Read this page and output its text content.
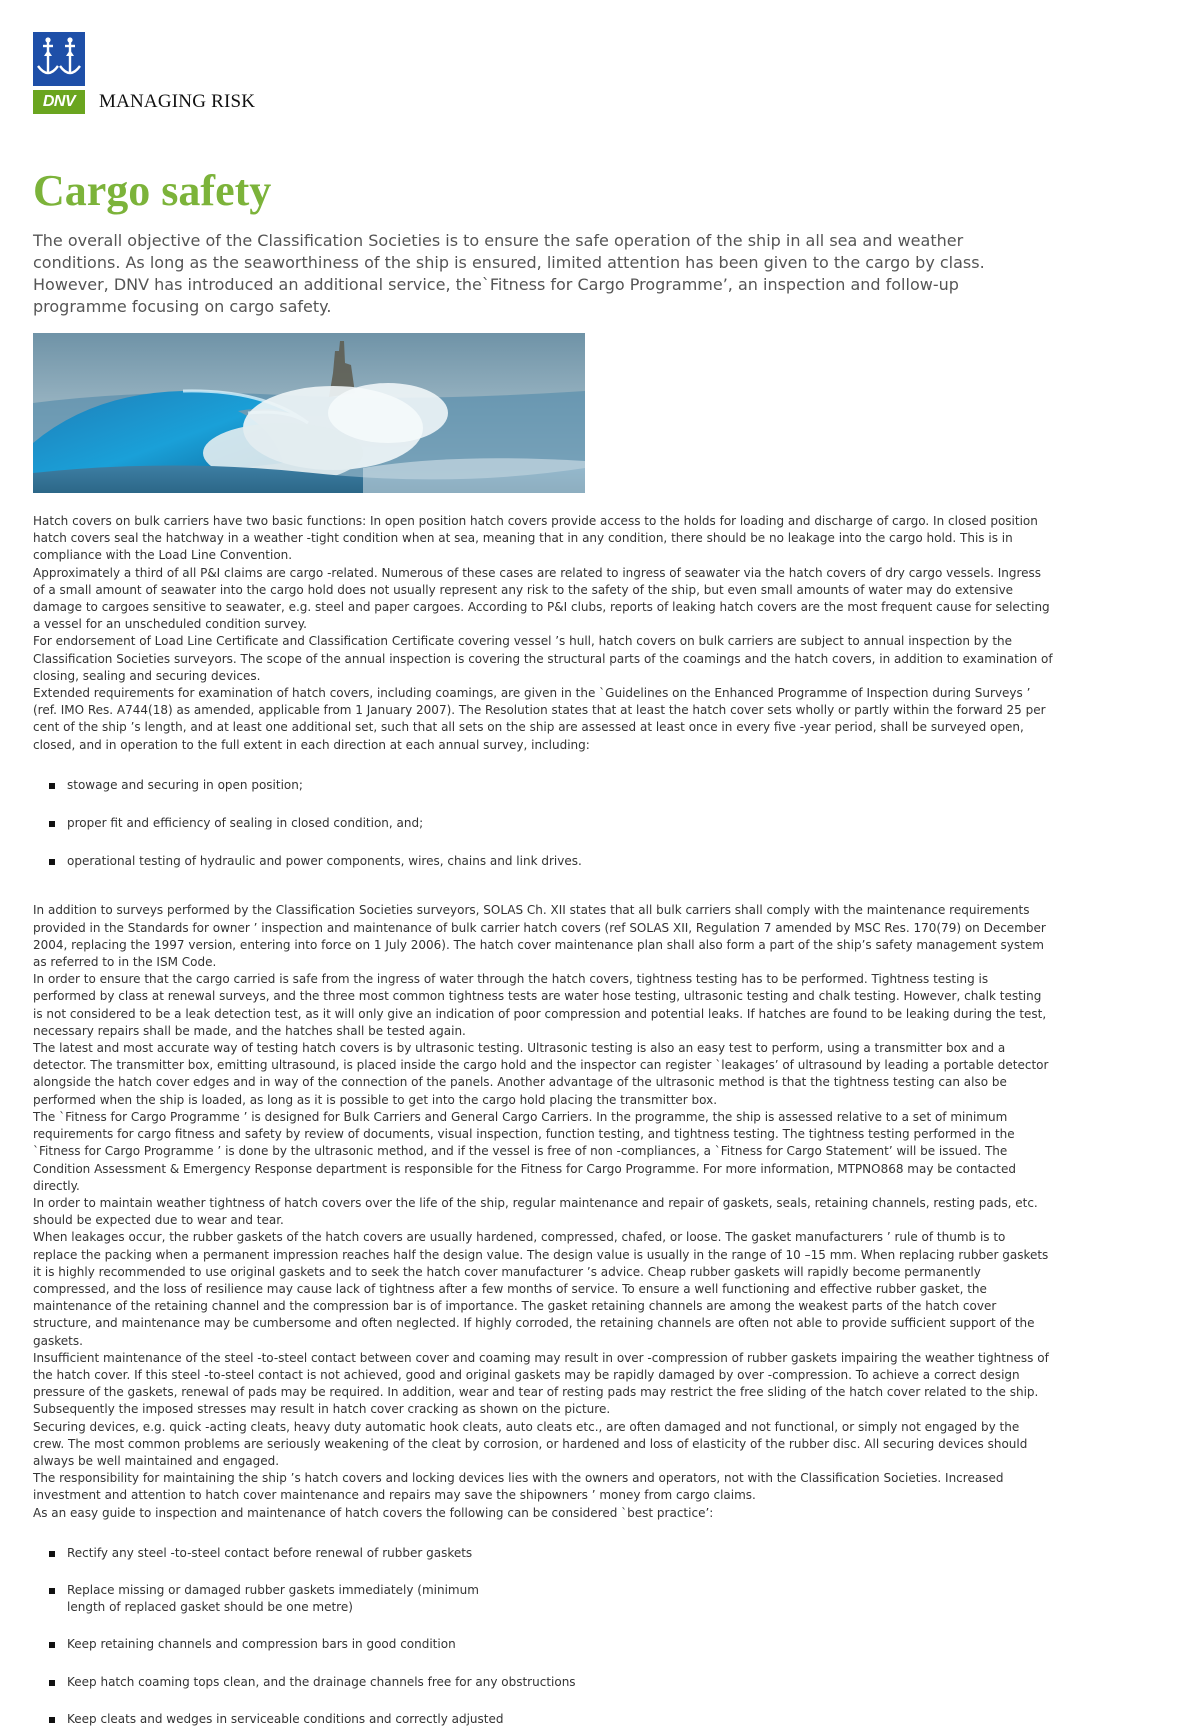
DNV	MANAGING RISK
Cargo safety
The overall objective of the Classification Societies is to ensure the safe operation of the ship in all sea and weather conditions. As long as the seaworthiness of the ship is ensured, limited attention has been given to the cargo by class. However, DNV has introduced an additional service, the`Fitness for Cargo Programme’, an inspection and follow-up programme focusing on cargo safety.

Hatch covers on bulk carriers have two basic functions: In open position hatch covers provide access to the holds for loading and discharge of cargo. In closed position hatch covers seal the hatchway in a weather -tight condition when at sea, meaning that in any condition, there should be no leakage into the cargo hold. This is in compliance with the Load Line Convention.

Approximately a third of all P&I claims are cargo -related. Numerous of these cases are related to ingress of seawater via the hatch covers of dry cargo vessels. Ingress of a small amount of seawater into the cargo hold does not usually represent any risk to the safety of the ship, but even small amounts of water may do extensive damage to cargoes sensitive to seawater, e.g. steel and paper cargoes. According to P&I clubs, reports of leaking hatch covers are the most frequent cause for selecting a vessel for an unscheduled condition survey.

For endorsement of Load Line Certificate and Classification Certificate covering vessel ’s hull, hatch covers on bulk carriers are subject to annual inspection by the Classification Societies surveyors. The scope of the annual inspection is covering the structural parts of the coamings and the hatch covers, in addition to examination of closing, sealing and securing devices.

Extended requirements for examination of hatch covers, including coamings, are given in the `Guidelines on the Enhanced Programme of Inspection during Surveys ’ (ref. IMO Res. A744(18) as amended, applicable from 1 January 2007). The Resolution states that at least the hatch cover sets wholly or partly within the forward 25 per cent of the ship ’s length, and at least one additional set, such that all sets on the ship are assessed at least once in every five -year period, shall be surveyed open, closed, and in operation to the full extent in each direction at each annual survey, including:

stowage and securing in open position;
proper fit and efficiency of sealing in closed condition, and;
operational testing of hydraulic and power components, wires, chains and link drives.

In addition to surveys performed by the Classification Societies surveyors, SOLAS Ch. XII states that all bulk carriers shall comply with the maintenance requirements provided in the Standards for owner ’ inspection and maintenance of bulk carrier hatch covers (ref SOLAS XII, Regulation 7 amended by MSC Res. 170(79) on December 2004, replacing the 1997 version, entering into force on 1 July 2006). The hatch cover maintenance plan shall also form a part of the ship’s safety management system as referred to in the ISM Code.

In order to ensure that the cargo carried is safe from the ingress of water through the hatch covers, tightness testing has to be performed. Tightness testing is performed by class at renewal surveys, and the three most common tightness tests are water hose testing, ultrasonic testing and chalk testing. However, chalk testing is not considered to be a leak detection test, as it will only give an indication of poor compression and potential leaks. If hatches are found to be leaking during the test, necessary repairs shall be made, and the hatches shall be tested again.

The latest and most accurate way of testing hatch covers is by ultrasonic testing. Ultrasonic testing is also an easy test to perform, using a transmitter box and a detector. The transmitter box, emitting ultrasound, is placed inside the cargo hold and the inspector can register `leakages’ of ultrasound by leading a portable detector alongside the hatch cover edges and in way of the connection of the panels. Another advantage of the ultrasonic method is that the tightness testing can also be performed when the ship is loaded, as long as it is possible to get into the cargo hold placing the transmitter box.

The `Fitness for Cargo Programme ’ is designed for Bulk Carriers and General Cargo Carriers. In the programme, the ship is assessed relative to a set of minimum requirements for cargo fitness and safety by review of documents, visual inspection, function testing, and tightness testing. The tightness testing performed in the `Fitness for Cargo Programme ’ is done by the ultrasonic method, and if the vessel is free of non -compliances, a `Fitness for Cargo Statement’ will be issued. The Condition Assessment & Emergency Response department is responsible for the Fitness for Cargo Programme. For more information, MTPNO868 may be contacted directly.

In order to maintain weather tightness of hatch covers over the life of the ship, regular maintenance and repair of gaskets, seals, retaining channels, resting pads, etc. should be expected due to wear and tear.

When leakages occur, the rubber gaskets of the hatch covers are usually hardened, compressed, chafed, or loose. The gasket manufacturers ’ rule of thumb is to replace the packing when a permanent impression reaches half the design value. The design value is usually in the range of 10 –15 mm. When replacing rubber gaskets it is highly recommended to use original gaskets and to seek the hatch cover manufacturer ’s advice. Cheap rubber gaskets will rapidly become permanently compressed, and the loss of resilience may cause lack of tightness after a few months of service. To ensure a well functioning and effective rubber gasket, the maintenance of the retaining channel and the compression bar is of importance. The gasket retaining channels are among the weakest parts of the hatch cover structure, and maintenance may be cumbersome and often neglected. If highly corroded, the retaining channels are often not able to provide sufficient support of the gaskets.

Insufficient maintenance of the steel -to-steel contact between cover and coaming may result in over -compression of rubber gaskets impairing the weather tightness of the hatch cover. If this steel -to-steel contact is not achieved, good and original gaskets may be rapidly damaged by over -compression. To achieve a correct design pressure of the gaskets, renewal of pads may be required. In addition, wear and tear of resting pads may restrict the free sliding of the hatch cover related to the ship. Subsequently the imposed stresses may result in hatch cover cracking as shown on the picture.

Securing devices, e.g. quick -acting cleats, heavy duty automatic hook cleats, auto cleats etc., are often damaged and not functional, or simply not engaged by the crew. The most common problems are seriously weakening of the cleat by corrosion, or hardened and loss of elasticity of the rubber disc. All securing devices should always be well maintained and engaged.

The responsibility for maintaining the ship ’s hatch covers and locking devices lies with the owners and operators, not with the Classification Societies. Increased investment and attention to hatch cover maintenance and repairs may save the shipowners ’ money from cargo claims.

As an easy guide to inspection and maintenance of hatch covers the following can be considered `best practice’:

Rectify any steel -to-steel contact before renewal of rubber gaskets
Replace missing or damaged rubber gaskets immediately (minimum length of replaced gasket should be one metre)
Keep retaining channels and compression bars in good condition
Keep hatch coaming tops clean, and the drainage channels free for any obstructions
Keep cleats and wedges in serviceable conditions and correctly adjusted
